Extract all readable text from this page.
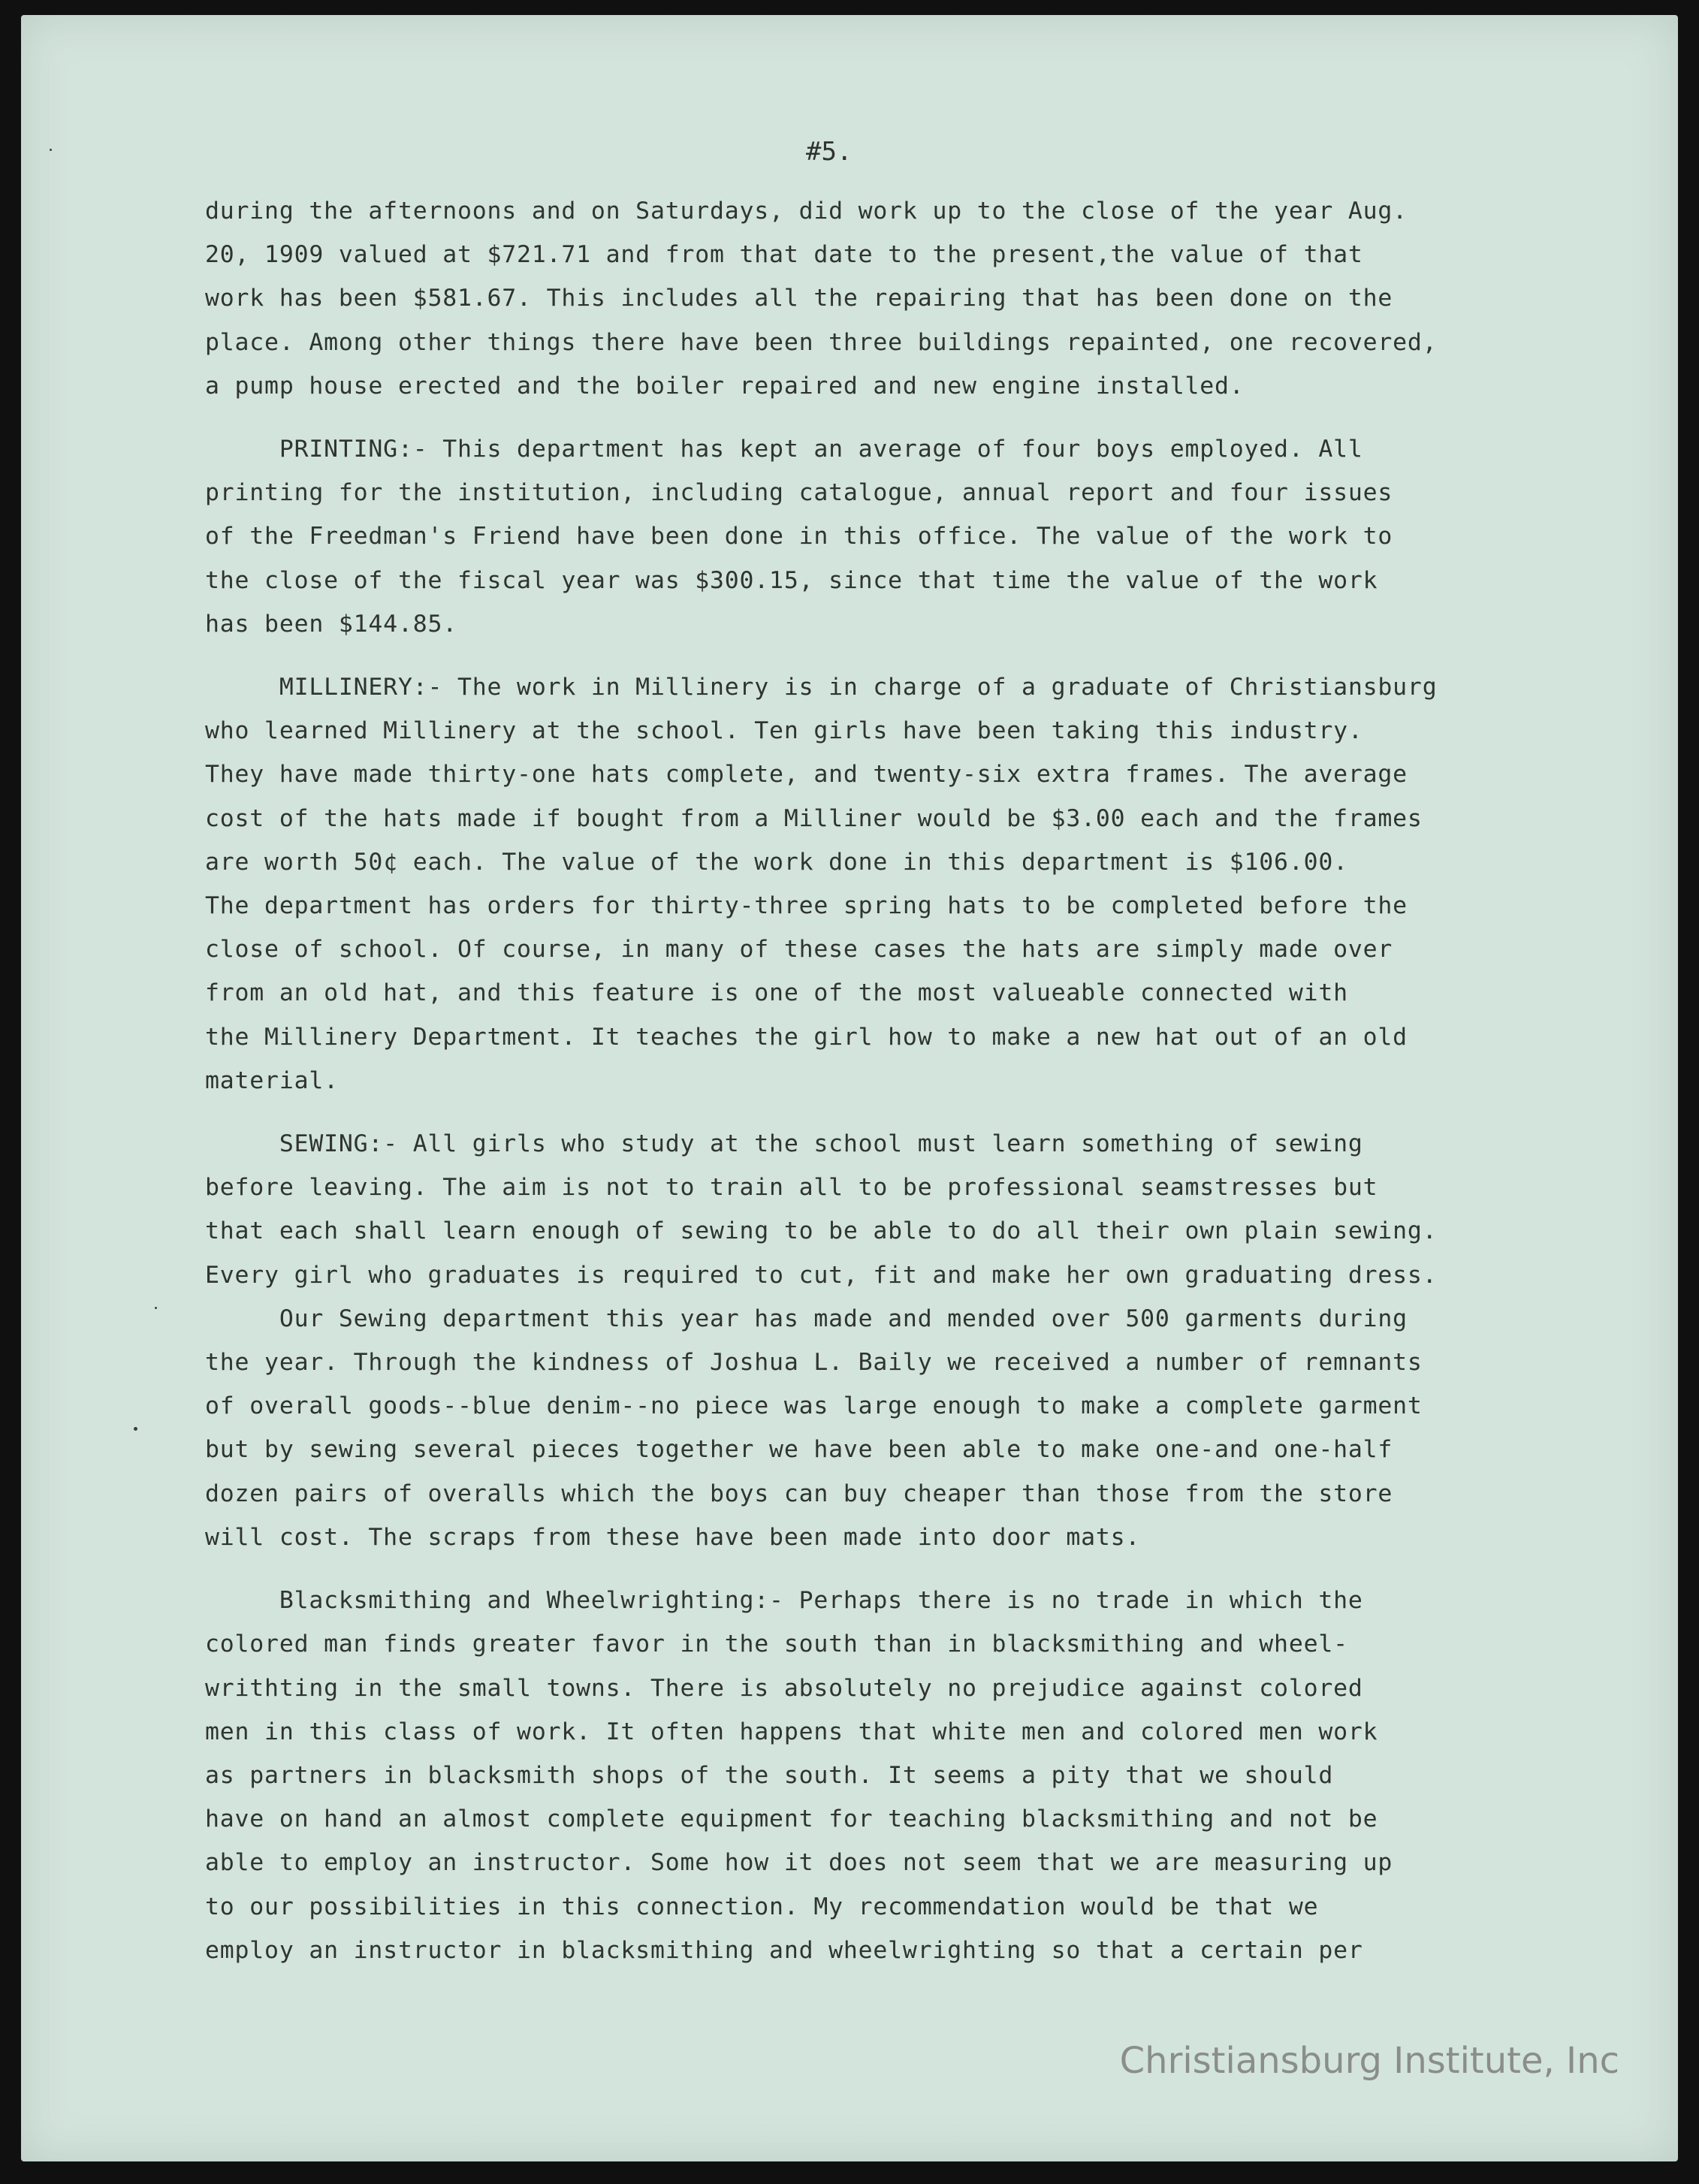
#5.
during the afternoons and on Saturdays, did work up to the close of the year Aug.
20, 1909 valued at $721.71 and from that date to the present,the value of that
work has been $581.67. This includes all the repairing that has been done on the
place. Among other things there have been three buildings repainted, one recovered,
a pump house erected and the boiler repaired and new engine installed.
PRINTING:- This department has kept an average of four boys employed. All
printing for the institution, including catalogue, annual report and four issues
of the Freedman's Friend have been done in this office. The value of the work to
the close of the fiscal year was $300.15, since that time the value of the work
has been $144.85.
MILLINERY:- The work in Millinery is in charge of a graduate of Christiansburg
who learned Millinery at the school. Ten girls have been taking this industry.
They have made thirty-one hats complete, and twenty-six extra frames. The average
cost of the hats made if bought from a Milliner would be $3.00 each and the frames
are worth 50¢ each. The value of the work done in this department is $106.00.
The department has orders for thirty-three spring hats to be completed before the
close of school. Of course, in many of these cases the hats are simply made over
from an old hat, and this feature is one of the most valueable connected with
the Millinery Department. It teaches the girl how to make a new hat out of an old
material.
SEWING:- All girls who study at the school must learn something of sewing
before leaving. The aim is not to train all to be professional seamstresses but
that each shall learn enough of sewing to be able to do all their own plain sewing.
Every girl who graduates is required to cut, fit and make her own graduating dress.
Our Sewing department this year has made and mended over 500 garments during
the year. Through the kindness of Joshua L. Baily we received a number of remnants
of overall goods--blue denim--no piece was large enough to make a complete garment
but by sewing several pieces together we have been able to make one-and one-half
dozen pairs of overalls which the boys can buy cheaper than those from the store
will cost. The scraps from these have been made into door mats.
Blacksmithing and Wheelwrighting:- Perhaps there is no trade in which the
colored man finds greater favor in the south than in blacksmithing and wheel-
writhting in the small towns. There is absolutely no prejudice against colored
men in this class of work. It often happens that white men and colored men work
as partners in blacksmith shops of the south. It seems a pity that we should
have on hand an almost complete equipment for teaching blacksmithing and not be
able to employ an instructor. Some how it does not seem that we are measuring up
to our possibilities in this connection. My recommendation would be that we
employ an instructor in blacksmithing and wheelwrighting so that a certain per
Christiansburg Institute, Inc
